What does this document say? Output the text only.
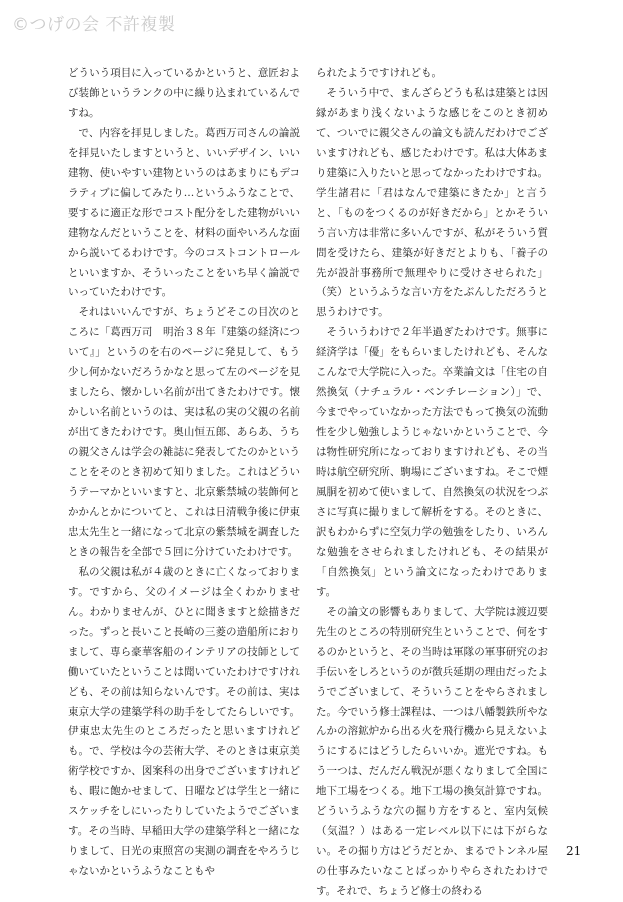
©つげの会 不許複製

どういう項目に入っているかというと、意匠および装飾というランクの中に繰り込まれているんですね。

で、内容を拝見しました。葛西万司さんの論説を拝見いたしますというと、いいデザイン、いい建物、使いやすい建物というのはあまりにもデコラティブに偏してみたり…というふうなことで、要するに適正な形でコスト配分をした建物がいい建物なんだということを、材料の面やいろんな面から説いてるわけです。今のコストコントロールといいますか、そういったことをいち早く論説でいっていたわけです。

それはいいんですが、ちょうどそこの目次のところに「葛西万司　明治３８年『建築の経済について』」というのを右のページに発見して、もう少し何かないだろうかなと思って左のページを見ましたら、懐かしい名前が出てきたわけです。懐かしい名前というのは、実は私の実の父親の名前が出てきたわけです。奥山恒五郎、あらあ、うちの親父さんは学会の雑誌に発表してたのかということをそのとき初めて知りました。これはどういうテーマかといいますと、北京紫禁城の装飾何とかかんとかについてと、これは日清戦争後に伊東忠太先生と一緒になって北京の紫禁城を調査したときの報告を全部で５回に分けていたわけです。

私の父親は私が４歳のときに亡くなっております。ですから、父のイメージは全くわかりません。わかりませんが、ひとに聞きますと絵描きだった。ずっと長いこと長崎の三菱の造船所におりまして、専ら豪華客船のインテリアの技師として働いていたということは聞いていたわけですけれども、その前は知らないんです。その前は、実は東京大学の建築学科の助手をしてたらしいです。伊東忠太先生のところだったと思いますけれども。で、学校は今の芸術大学、そのときは東京美術学校ですか、図案科の出身でございますけれども、暇に飽かせまして、日曜などは学生と一緒にスケッチをしにいったりしていたようでございます。その当時、早稲田大学の建築学科と一緒になりまして、日光の東照宮の実測の調査をやろうじゃないかというふうなこともや

られたようですけれども。

そういう中で、まんざらどうも私は建築とは因縁があまり浅くないような感じをこのとき初めて、ついでに親父さんの論文も読んだわけでございますけれども、感じたわけです。私は大体あまり建築に入りたいと思ってなかったわけですね。学生諸君に「君はなんで建築にきたか」と言うと、「ものをつくるのが好きだから」とかそういう言い方は非常に多いんですが、私がそういう質問を受けたら、建築が好きだとよりも、「養子の先が設計事務所で無理やりに受けさせられた」（笑）というふうな言い方をたぶんしただろうと思うわけです。

そういうわけで２年半過ぎたわけです。無事に経済学は「優」をもらいましたけれども、そんなこんなで大学院に入った。卒業論文は「住宅の自然換気（ナチュラル・ベンチレーション）」で、今までやっていなかった方法でもって換気の流動性を少し勉強しようじゃないかということで、今は物性研究所になっておりますけれども、その当時は航空研究所、駒場にございますね。そこで煙風胴を初めて使いまして、自然換気の状況をつぶさに写真に撮りまして解析をする。そのときに、訳もわからずに空気力学の勉強をしたり、いろんな勉強をさせられましたけれども、その結果が「自然換気」という論文になったわけであります。

その論文の影響もありまして、大学院は渡辺要先生のところの特別研究生ということで、何をするのかというと、その当時は軍隊の軍事研究のお手伝いをしろというのが徴兵延期の理由だったようでございまして、そういうことをやらされました。今でいう修士課程は、一つは八幡製鉄所やなんかの溶鉱炉から出る火を飛行機から見えないようにするにはどうしたらいいか。遮光ですね。もう一つは、だんだん戦況が悪くなりまして全国に地下工場をつくる。地下工場の換気計算ですね。どういうふうな穴の掘り方をすると、室内気候（気温？）はある一定レベル以下には下がらない。その掘り方はどうだとか、まるでトンネル屋の仕事みたいなことばっかりやらされたわけです。それで、ちょうど修士の終わる

21
